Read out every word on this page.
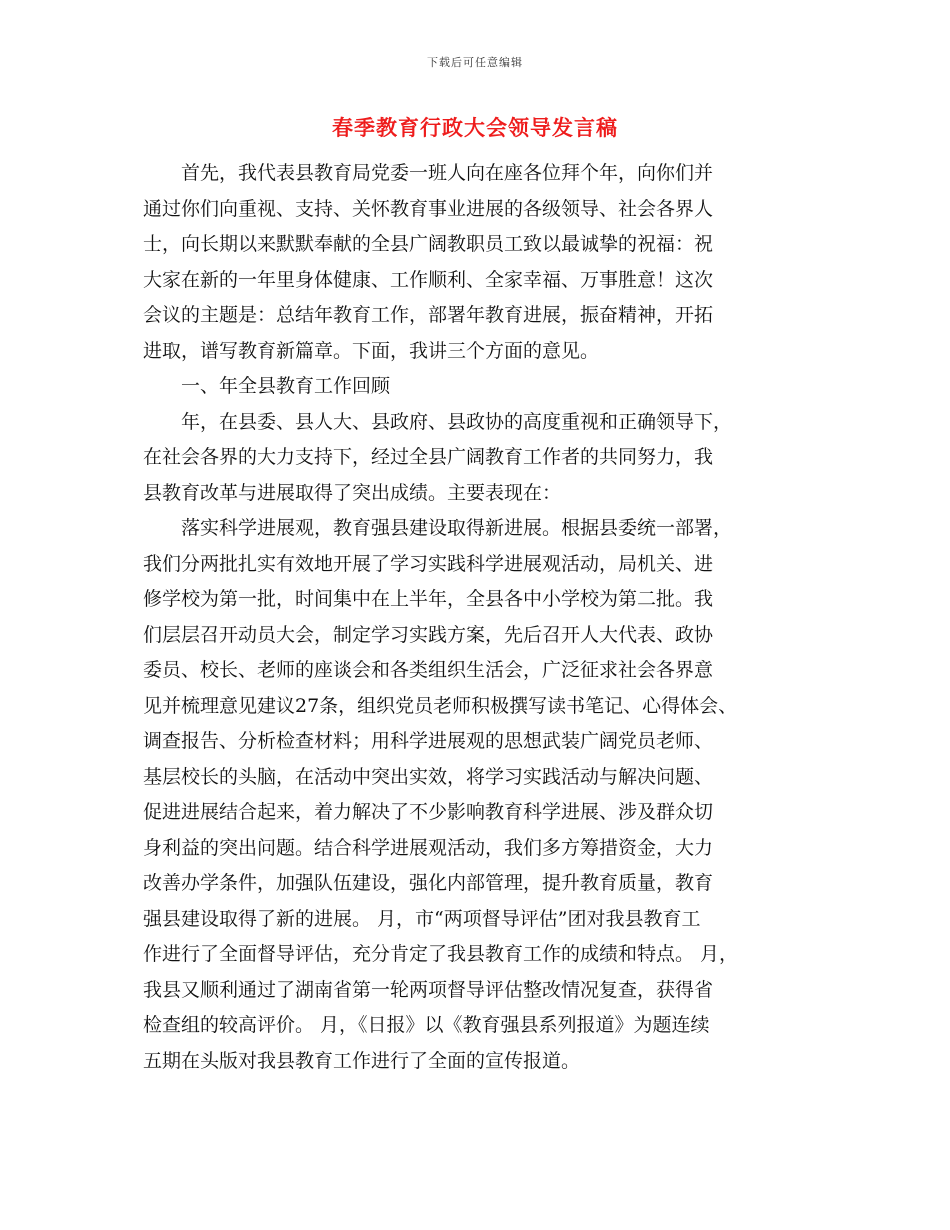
下载后可任意编辑
春季教育行政大会领导发言稿
　　首先，我代表县教育局党委一班人向在座各位拜个年，向你们并
通过你们向重视、支持、关怀教育事业进展的各级领导、社会各界人
士，向长期以来默默奉献的全县广阔教职员工致以最诚挚的祝福：祝
大家在新的一年里身体健康、工作顺利、全家幸福、万事胜意！这次
会议的主题是：总结年教育工作，部署年教育进展，振奋精神，开拓
进取，谱写教育新篇章。下面，我讲三个方面的意见。
　　一、年全县教育工作回顾
　　年，在县委、县人大、县政府、县政协的高度重视和正确领导下，
在社会各界的大力支持下，经过全县广阔教育工作者的共同努力，我
县教育改革与进展取得了突出成绩。主要表现在：
　　落实科学进展观，教育强县建设取得新进展。根据县委统一部署，
我们分两批扎实有效地开展了学习实践科学进展观活动，局机关、进
修学校为第一批，时间集中在上半年，全县各中小学校为第二批。我
们层层召开动员大会，制定学习实践方案，先后召开人大代表、政协
委员、校长、老师的座谈会和各类组织生活会，广泛征求社会各界意
见并梳理意见建议27条，组织党员老师积极撰写读书笔记、心得体会、
调查报告、分析检查材料；用科学进展观的思想武装广阔党员老师、
基层校长的头脑，在活动中突出实效，将学习实践活动与解决问题、
促进进展结合起来，着力解决了不少影响教育科学进展、涉及群众切
身利益的突出问题。结合科学进展观活动，我们多方筹措资金，大力
改善办学条件，加强队伍建设，强化内部管理，提升教育质量，教育
强县建设取得了新的进展。 月，市“两项督导评估”团对我县教育工
作进行了全面督导评估，充分肯定了我县教育工作的成绩和特点。 月，
我县又顺利通过了湖南省第一轮两项督导评估整改情况复查，获得省
检查组的较高评价。 月，《日报》以《教育强县系列报道》为题连续
五期在头版对我县教育工作进行了全面的宣传报道。
